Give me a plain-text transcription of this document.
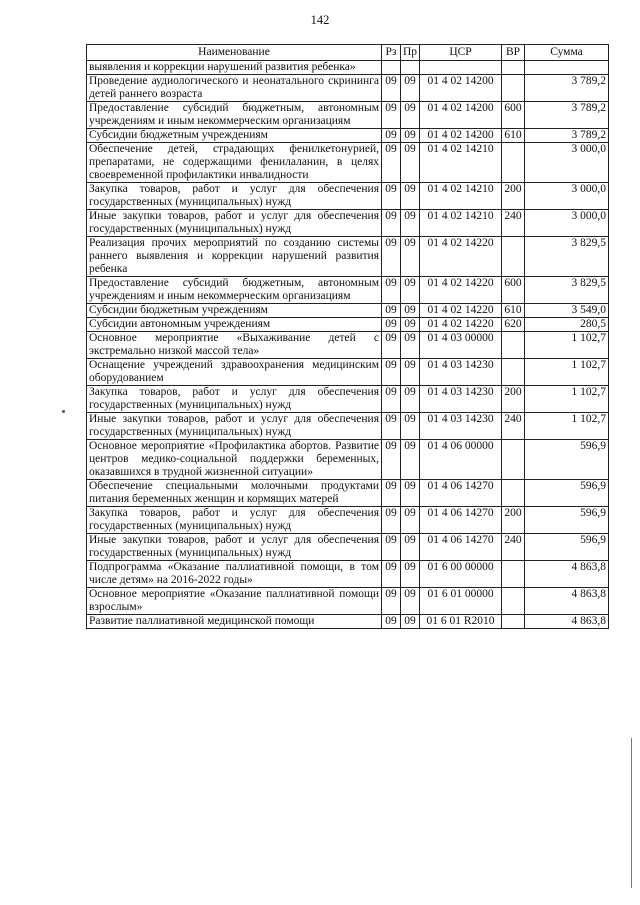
142
Наименование	Рз	Пр	ЦСР	ВР	Сумма
выявления и коррекции нарушений развития ребенка»					
Проведение аудиологического и неонатального скрининга детей раннего возраста	09	09	01 4 02 14200		3 789,2
Предоставление субсидий бюджетным, автономным учреждениям и иным некоммерческим организациям	09	09	01 4 02 14200	600	3 789,2
Субсидии бюджетным учреждениям	09	09	01 4 02 14200	610	3 789,2
Обеспечение детей, страдающих фенилкетонурией, препаратами, не содержащими фенилаланин, в целях своевременной профилактики инвалидности	09	09	01 4 02 14210		3 000,0
Закупка товаров, работ и услуг для обеспечения государственных (муниципальных) нужд	09	09	01 4 02 14210	200	3 000,0
Иные закупки товаров, работ и услуг для обеспечения государственных (муниципальных) нужд	09	09	01 4 02 14210	240	3 000,0
Реализация прочих мероприятий по созданию системы раннего выявления и коррекции нарушений развития ребенка	09	09	01 4 02 14220		3 829,5
Предоставление субсидий бюджетным, автономным учреждениям и иным некоммерческим организациям	09	09	01 4 02 14220	600	3 829,5
Субсидии бюджетным учреждениям	09	09	01 4 02 14220	610	3 549,0
Субсидии автономным учреждениям	09	09	01 4 02 14220	620	280,5
Основное мероприятие «Выхаживание детей с экстремально низкой массой тела»	09	09	01 4 03 00000		1 102,7
Оснащение учреждений здравоохранения медицинским оборудованием	09	09	01 4 03 14230		1 102,7
Закупка товаров, работ и услуг для обеспечения государственных (муниципальных) нужд	09	09	01 4 03 14230	200	1 102,7
Иные закупки товаров, работ и услуг для обеспечения государственных (муниципальных) нужд	09	09	01 4 03 14230	240	1 102,7
Основное мероприятие «Профилактика абортов. Развитие центров медико-социальной поддержки беременных, оказавшихся в трудной жизненной ситуации»	09	09	01 4 06 00000		596,9
Обеспечение специальными молочными продуктами питания беременных женщин и кормящих матерей	09	09	01 4 06 14270		596,9
Закупка товаров, работ и услуг для обеспечения государственных (муниципальных) нужд	09	09	01 4 06 14270	200	596,9
Иные закупки товаров, работ и услуг для обеспечения государственных (муниципальных) нужд	09	09	01 4 06 14270	240	596,9
Подпрограмма «Оказание паллиативной помощи, в том числе детям» на 2016-2022 годы»	09	09	01 6 00 00000		4 863,8
Основное мероприятие «Оказание паллиативной помощи взрослым»	09	09	01 6 01 00000		4 863,8
Развитие паллиативной медицинской помощи	09	09	01 6 01 R2010		4 863,8
